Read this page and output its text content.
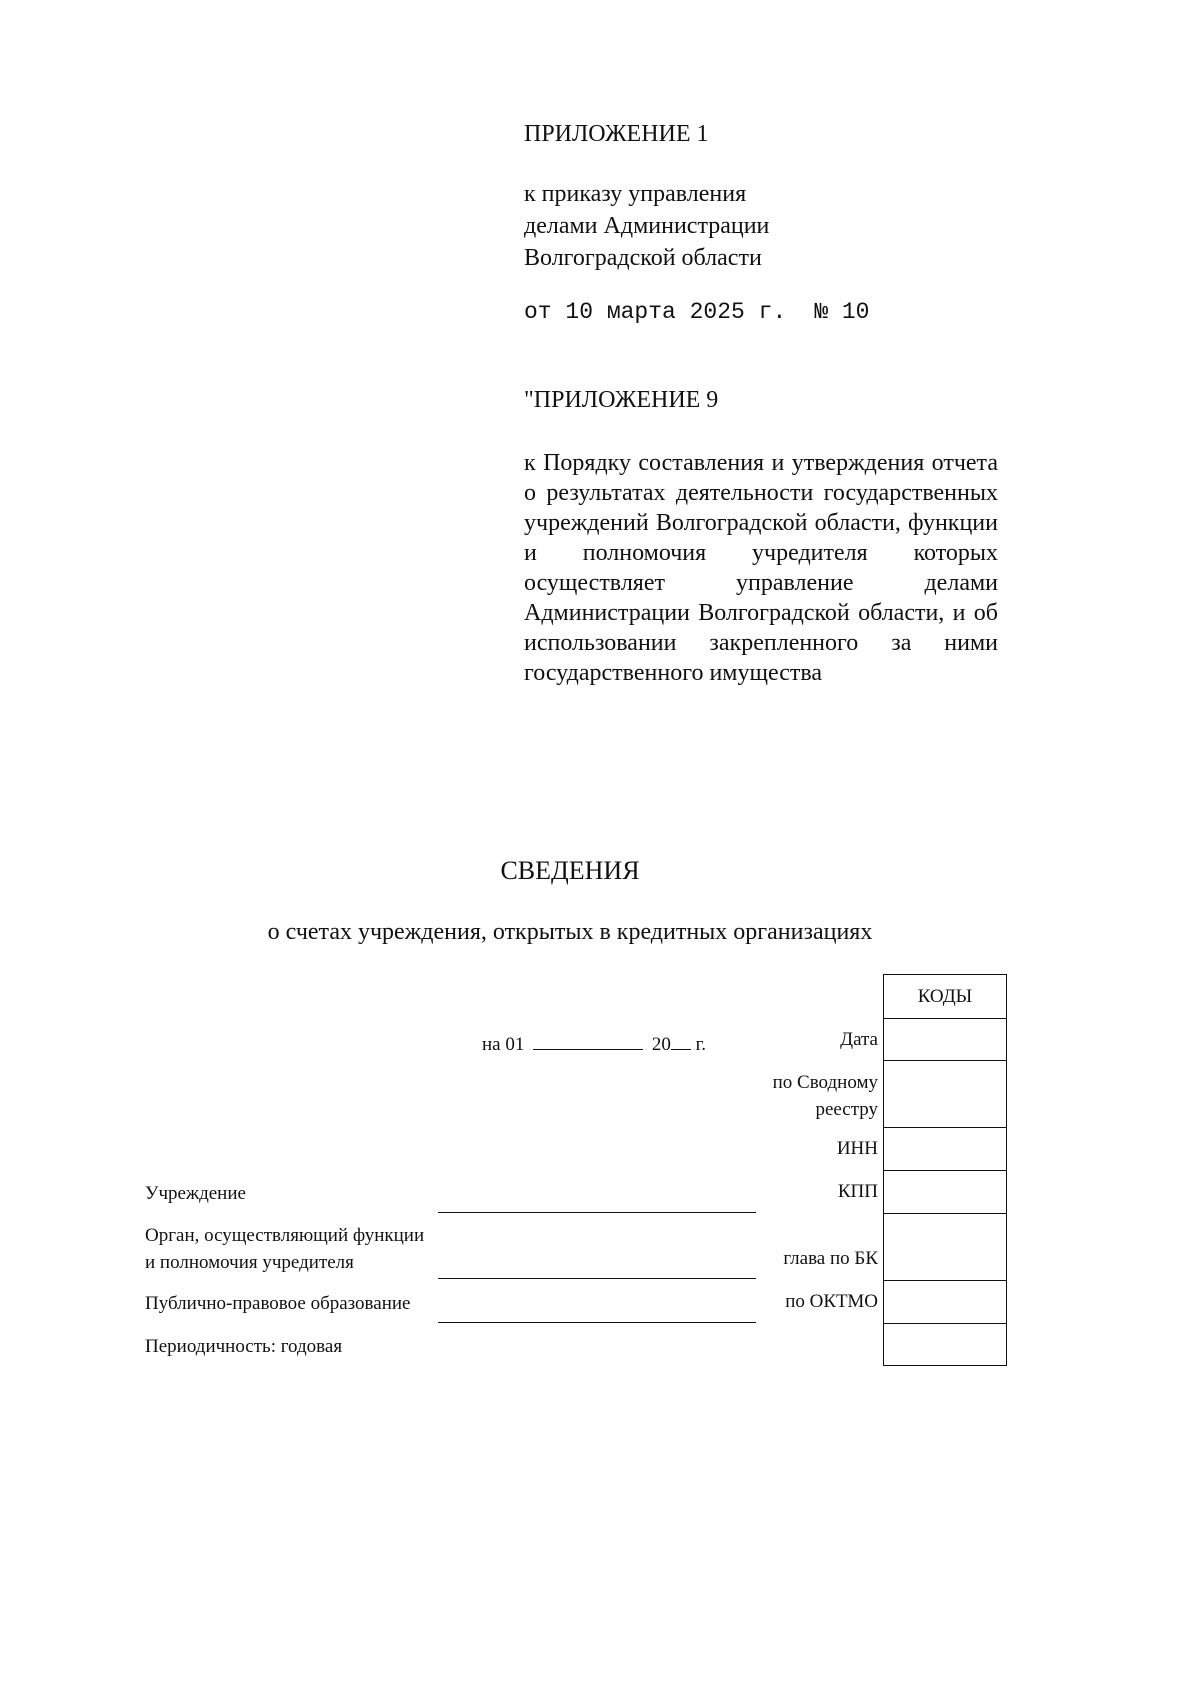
ПРИЛОЖЕНИЕ 1
к приказу управления
делами Администрации
Волгоградской области
от 10 марта 2025 г. № 10
"ПРИЛОЖЕНИЕ 9
к Порядку составления и утверждения отчета о результатах деятельности государственных учреждений Волгоградской области, функции и полномочия учредителя которых осуществляет управление делами Администрации Волгоградской области, и об использовании закрепленного за ними государственного имущества
СВЕДЕНИЯ
о счетах учреждения, открытых в кредитных организациях
на 01	20 г.
КОДЫ
Дата
по Сводному
реестру
ИНН
КПП
глава по БК
по ОКТМО
Учреждение
Орган, осуществляющий функции
и полномочия учредителя
Публично-правовое образование
Периодичность: годовая
